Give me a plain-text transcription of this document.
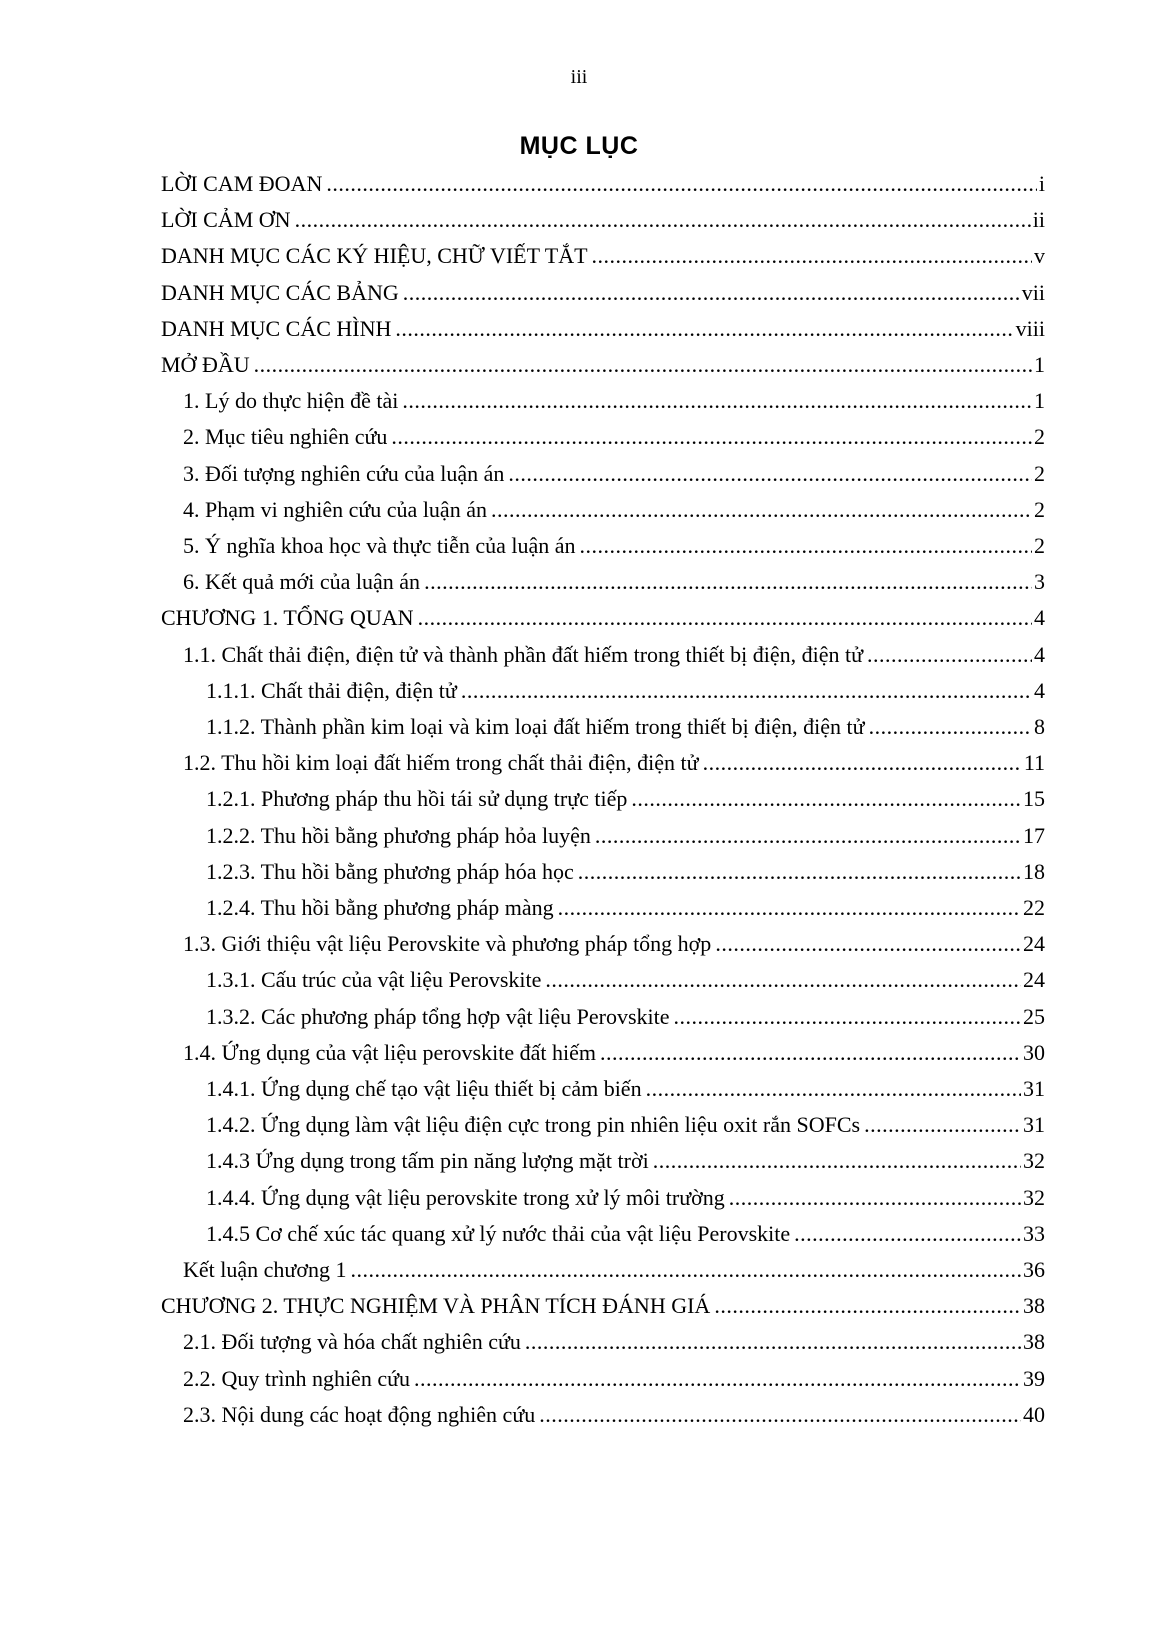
iii
MỤC LỤC
LỜI CAM ĐOAN .....	i
LỜI CẢM ƠN .....	ii
DANH MỤC CÁC KÝ HIỆU, CHỮ VIẾT TẮT .....	v
DANH MỤC CÁC BẢNG .....	vii
DANH MỤC CÁC HÌNH .....	viii
MỞ ĐẦU .....	1
1. Lý do thực hiện đề tài .....	1
2. Mục tiêu nghiên cứu .....	2
3. Đối tượng nghiên cứu của luận án .....	2
4. Phạm vi nghiên cứu của luận án .....	2
5. Ý nghĩa khoa học và thực tiễn của luận án .....	2
6. Kết quả mới của luận án .....	3
CHƯƠNG 1. TỔNG QUAN .....	4
1.1. Chất thải điện, điện tử và thành phần đất hiếm trong thiết bị điện, điện tử .....	4
1.1.1. Chất thải điện, điện tử .....	4
1.1.2. Thành phần kim loại và kim loại đất hiếm trong thiết bị điện, điện tử .....	8
1.2. Thu hồi kim loại đất hiếm trong chất thải điện, điện tử .....	11
1.2.1. Phương pháp thu hồi tái sử dụng trực tiếp .....	15
1.2.2. Thu hồi bằng phương pháp hỏa luyện .....	17
1.2.3. Thu hồi bằng phương pháp hóa học .....	18
1.2.4. Thu hồi bằng phương pháp màng .....	22
1.3. Giới thiệu vật liệu Perovskite và phương pháp tổng hợp .....	24
1.3.1. Cấu trúc của vật liệu Perovskite .....	24
1.3.2. Các phương pháp tổng hợp vật liệu Perovskite .....	25
1.4. Ứng dụng của vật liệu perovskite đất hiếm .....	30
1.4.1. Ứng dụng chế tạo vật liệu thiết bị cảm biến .....	31
1.4.2. Ứng dụng làm vật liệu điện cực trong pin nhiên liệu oxit rắn SOFCs .....	31
1.4.3 Ứng dụng trong tấm pin năng lượng mặt trời .....	32
1.4.4. Ứng dụng vật liệu perovskite trong xử lý môi trường .....	32
1.4.5 Cơ chế xúc tác quang xử lý nước thải của vật liệu Perovskite .....	33
Kết luận chương 1 .....	36
CHƯƠNG 2. THỰC NGHIỆM VÀ PHÂN TÍCH ĐÁNH GIÁ .....	38
2.1. Đối tượng và hóa chất nghiên cứu .....	38
2.2. Quy trình nghiên cứu .....	39
2.3. Nội dung các hoạt động nghiên cứu .....	40
